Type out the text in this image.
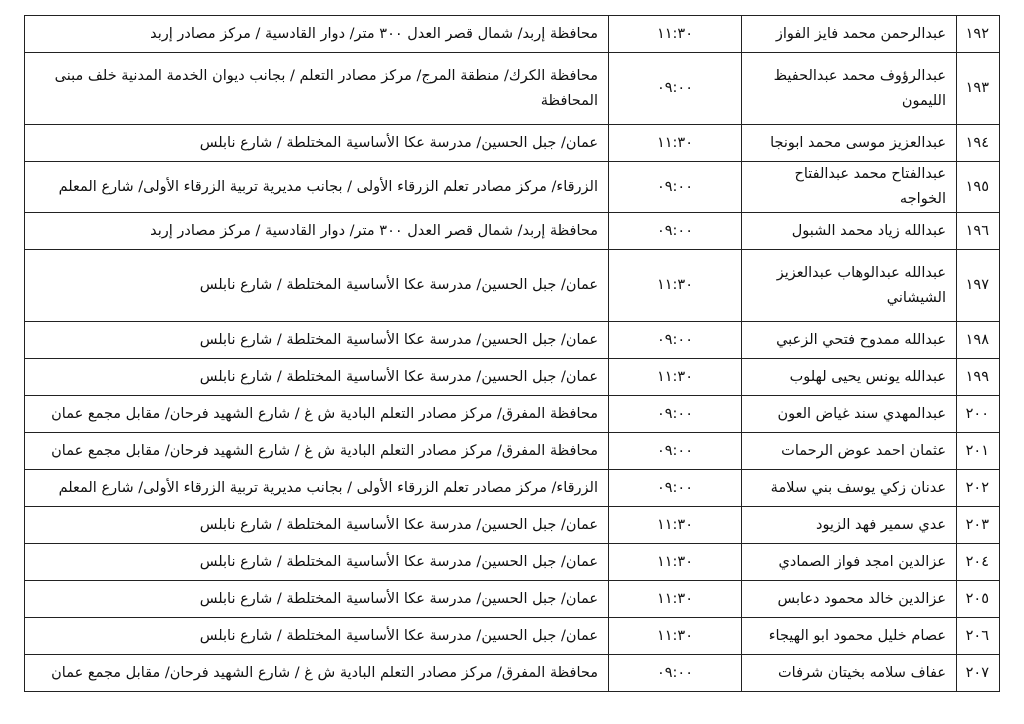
١٩٢	عبدالرحمن محمد فايز الفواز	١١:٣٠	محافظة إربد/ شمال قصر العدل ٣٠٠ متر/ دوار القادسية / مركز مصادر إربد
١٩٣	عبدالرؤوف محمد عبدالحفيظ الليمون	٠٩:٠٠	محافظة الكرك/ منطقة المرج/ مركز مصادر التعلم / بجانب ديوان الخدمة المدنية خلف مبنى المحافظة
١٩٤	عبدالعزيز موسى محمد ابونجا	١١:٣٠	عمان/ جبل الحسين/ مدرسة عكا الأساسية المختلطة / شارع نابلس
١٩٥	عبدالفتاح محمد عبدالفتاح الخواجه	٠٩:٠٠	الزرقاء/ مركز مصادر تعلم الزرقاء الأولى / بجانب مديرية تربية الزرقاء الأولى/ شارع المعلم
١٩٦	عبدالله زياد محمد الشبول	٠٩:٠٠	محافظة إربد/ شمال قصر العدل ٣٠٠ متر/ دوار القادسية / مركز مصادر إربد
١٩٧	عبدالله عبدالوهاب عبدالعزيز الشيشاني	١١:٣٠	عمان/ جبل الحسين/ مدرسة عكا الأساسية المختلطة / شارع نابلس
١٩٨	عبدالله ممدوح فتحي الزعبي	٠٩:٠٠	عمان/ جبل الحسين/ مدرسة عكا الأساسية المختلطة / شارع نابلس
١٩٩	عبدالله يونس يحيى لهلوب	١١:٣٠	عمان/ جبل الحسين/ مدرسة عكا الأساسية المختلطة / شارع نابلس
٢٠٠	عبدالمهدي سند غياض العون	٠٩:٠٠	محافظة المفرق/ مركز مصادر التعلم البادية ش غ / شارع الشهيد فرحان/ مقابل مجمع عمان
٢٠١	عثمان احمد عوض الرحمات	٠٩:٠٠	محافظة المفرق/ مركز مصادر التعلم البادية ش غ / شارع الشهيد فرحان/ مقابل مجمع عمان
٢٠٢	عدنان زكي يوسف بني سلامة	٠٩:٠٠	الزرقاء/ مركز مصادر تعلم الزرقاء الأولى / بجانب مديرية تربية الزرقاء الأولى/ شارع المعلم
٢٠٣	عدي سمير فهد الزيود	١١:٣٠	عمان/ جبل الحسين/ مدرسة عكا الأساسية المختلطة / شارع نابلس
٢٠٤	عزالدين امجد فواز الصمادي	١١:٣٠	عمان/ جبل الحسين/ مدرسة عكا الأساسية المختلطة / شارع نابلس
٢٠٥	عزالدين خالد محمود دعابس	١١:٣٠	عمان/ جبل الحسين/ مدرسة عكا الأساسية المختلطة / شارع نابلس
٢٠٦	عصام خليل محمود ابو الهيجاء	١١:٣٠	عمان/ جبل الحسين/ مدرسة عكا الأساسية المختلطة / شارع نابلس
٢٠٧	عفاف سلامه بخيتان شرفات	٠٩:٠٠	محافظة المفرق/ مركز مصادر التعلم البادية ش غ / شارع الشهيد فرحان/ مقابل مجمع عمان
